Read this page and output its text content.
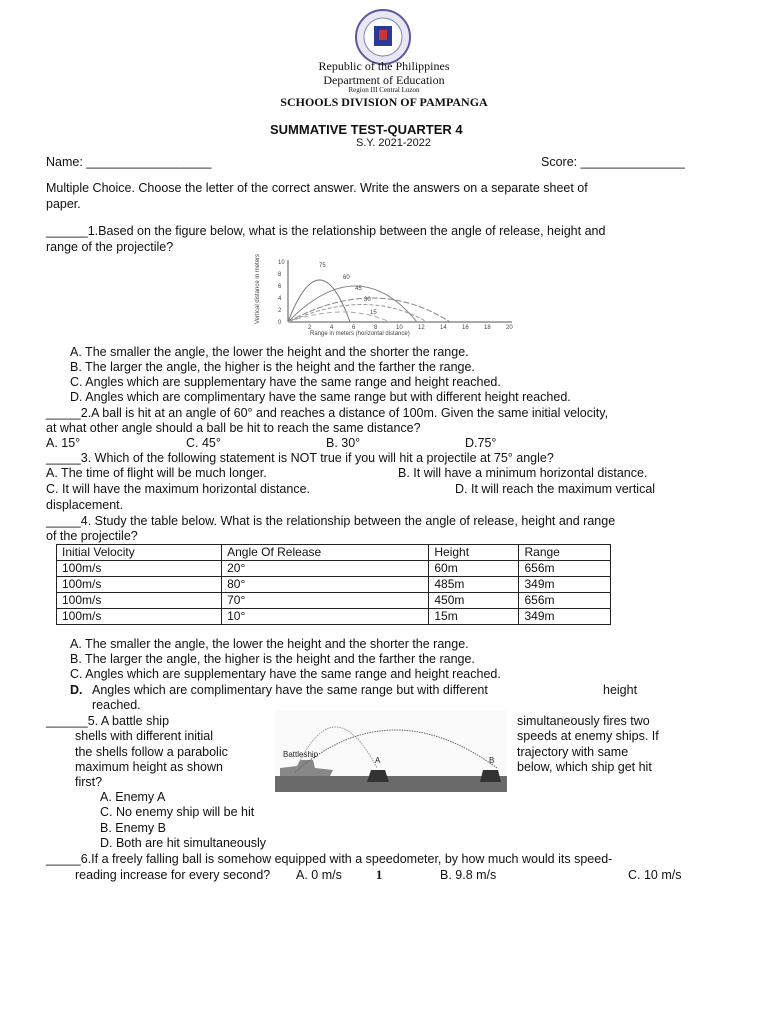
Republic of the Philippines
Department of Education
Region III Central Luzon
SCHOOLS DIVISION OF PAMPANGA
SUMMATIVE TEST-QUARTER 4
S.Y. 2021-2022
Name: __________________	Score: _______________
Multiple Choice. Choose the letter of the correct answer. Write the answers on a separate sheet of
paper.
______1.Based on the figure below, what is the relationship between the angle of release, height and
range of the projectile?
Vertical distance in meters	0
2
4
6
8
10
2	4	6	8	10	12	14	16	18	20
75
60
45
30
15
Range in meters (horizontal distance)
A. The smaller the angle, the lower the height and the shorter the range.
B. The larger the angle, the higher is the height and the farther the range.
C. Angles which are supplementary have the same range and height reached.
D. Angles which are complimentary have the same range but with different height reached.
_____2.A ball is hit at an angle of 60° and reaches a distance of 100m. Given the same initial velocity,
at what other angle should a ball be hit to reach the same distance?
A. 15°	C. 45°	B. 30°	D.75°
_____3. Which of the following statement is NOT true if you will hit a projectile at 75° angle?
A. The time of flight will be much longer.	B. It will have a minimum horizontal distance.
C. It will have the maximum horizontal distance.	D. It will reach the maximum vertical
displacement.
_____4. Study the table below. What is the relationship between the angle of release, height and range
of the projectile?
Initial Velocity	Angle Of Release	Height	Range
100m/s	20°	60m	656m
100m/s	80°	485m	349m
100m/s	70°	450m	656m
100m/s	10°	15m	349m
A. The smaller the angle, the lower the height and the shorter the range.
B. The larger the angle, the higher is the height and the farther the range.
C. Angles which are supplementary have the same range and height reached.
D. Angles which are complimentary have the same range but with different	height
reached.
______5. A battle ship
shells with different initial
the shells follow a parabolic
maximum height as shown
first?
simultaneously fires two
speeds at enemy ships. If
trajectory with same
below, which ship get hit
Battleship
A	B
A. Enemy A
C. No enemy ship will be hit
B. Enemy B
D. Both are hit simultaneously
_____6.If a freely falling ball is somehow equipped with a speedometer, by how much would its speed-
reading increase for every second? A. 0 m/s	1	B. 9.8 m/s	C. 10 m/s
